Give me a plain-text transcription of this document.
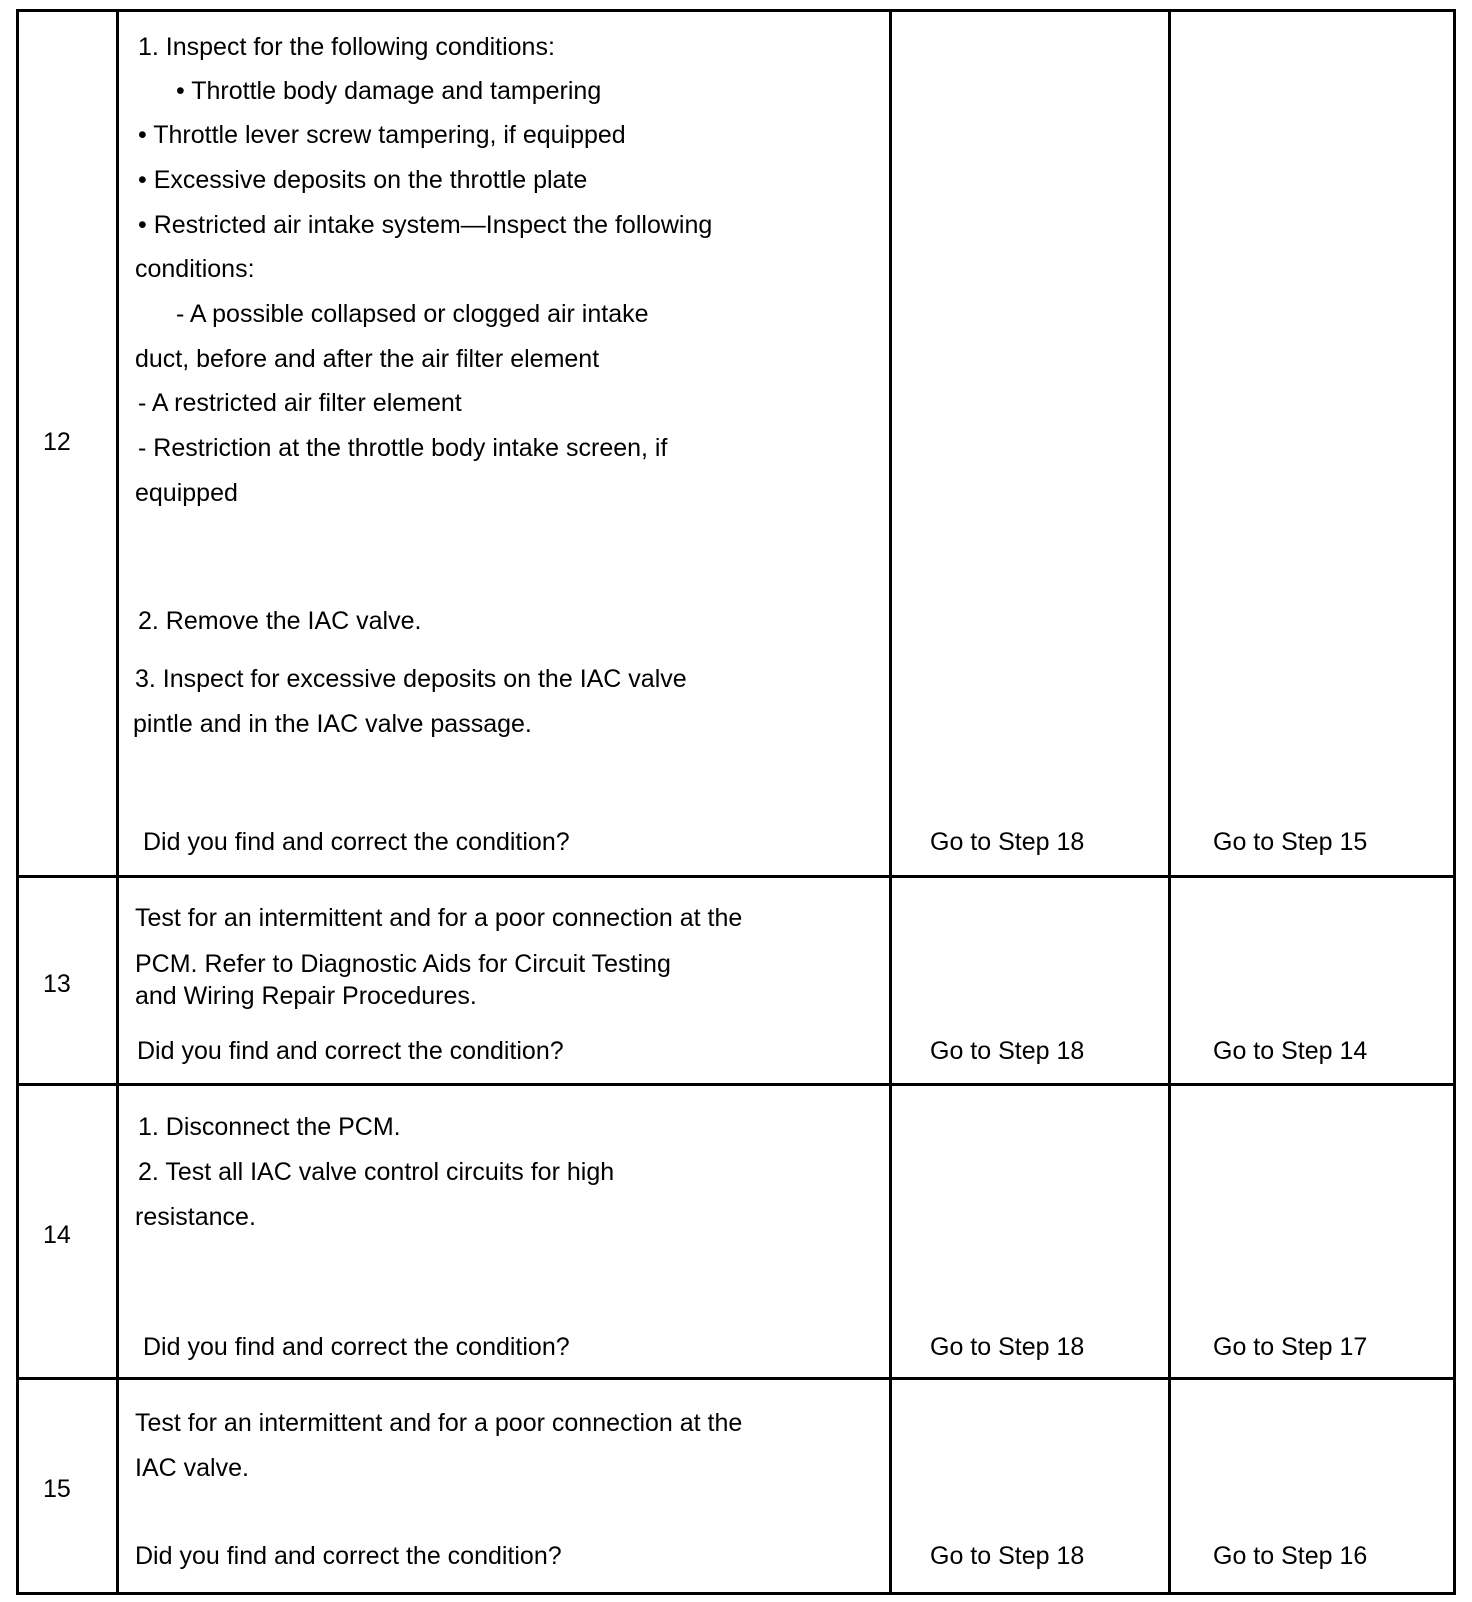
12
1. Inspect for the following conditions:
• Throttle body damage and tampering
• Throttle lever screw tampering, if equipped
• Excessive deposits on the throttle plate
• Restricted air intake system—Inspect the following
conditions:
- A possible collapsed or clogged air intake
duct, before and after the air filter element
- A restricted air filter element
- Restriction at the throttle body intake screen, if
equipped
2. Remove the IAC valve.
3. Inspect for excessive deposits on the IAC valve
pintle and in the IAC valve passage.
Did you find and correct the condition?	Go to Step 18	Go to Step 15
13
Test for an intermittent and for a poor connection at the
PCM. Refer to Diagnostic Aids for Circuit Testing
and Wiring Repair Procedures.
Did you find and correct the condition?	Go to Step 18	Go to Step 14
14
1. Disconnect the PCM.
2. Test all IAC valve control circuits for high
resistance.
Did you find and correct the condition?	Go to Step 18	Go to Step 17
15
Test for an intermittent and for a poor connection at the
IAC valve.
Did you find and correct the condition?	Go to Step 18	Go to Step 16
